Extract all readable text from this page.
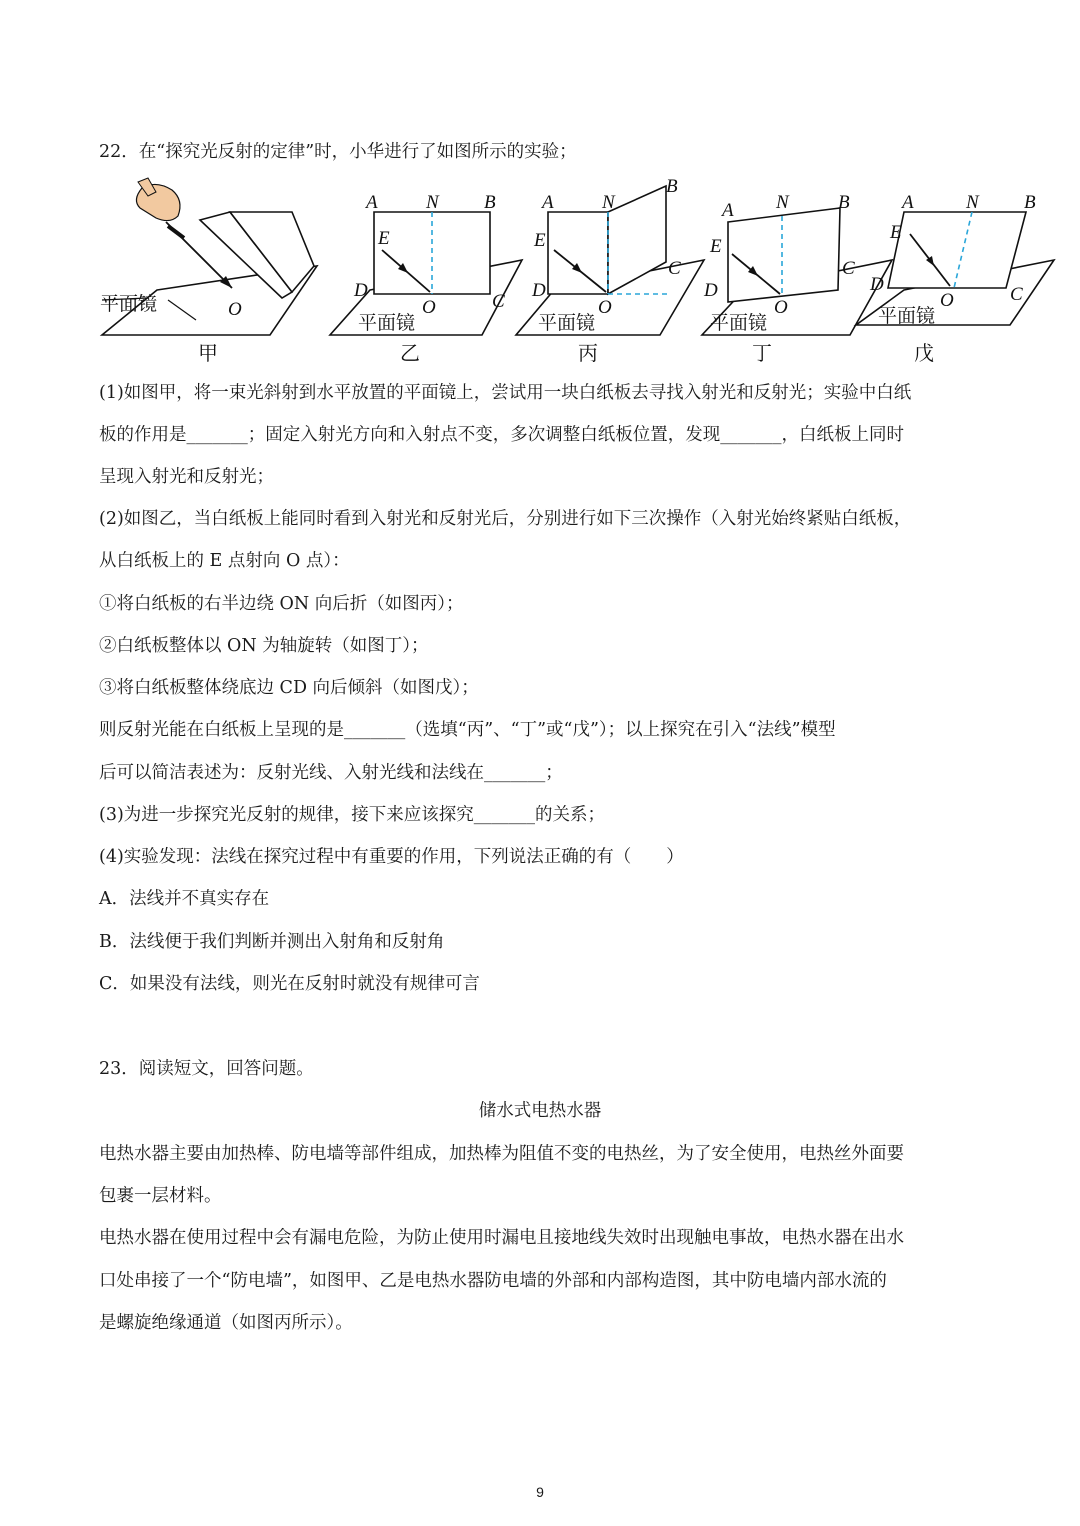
22．在“探究光反射的定律”时，小华进行了如图所示的实验；
平面镜	O
甲
A	N B
E
D
O	C
平面镜
乙
A	N
B
E
D
O
C
平面镜
丙
A N	B
E
D
O
C
平面镜
丁
A	N B
E
D
O	C
平面镜
戊
(1)如图甲，将一束光斜射到水平放置的平面镜上，尝试用一块白纸板去寻找入射光和反射光；实验中白纸
板的作用是_______；固定入射光方向和入射点不变，多次调整白纸板位置，发现_______，白纸板上同时
呈现入射光和反射光；
(2)如图乙，当白纸板上能同时看到入射光和反射光后，分别进行如下三次操作（入射光始终紧贴白纸板，
从白纸板上的 E 点射向 O 点）：
①将白纸板的右半边绕 ON 向后折（如图丙）；
②白纸板整体以 ON 为轴旋转（如图丁）；
③将白纸板整体绕底边 CD 向后倾斜（如图戊）；
则反射光能在白纸板上呈现的是_______（选填“丙”、“丁”或“戊”）；以上探究在引入“法线”模型
后可以简洁表述为：反射光线、入射光线和法线在_______；
(3)为进一步探究光反射的规律，接下来应该探究_______的关系；
(4)实验发现：法线在探究过程中有重要的作用，下列说法正确的有（　　）
A．法线并不真实存在
B．法线便于我们判断并测出入射角和反射角
C．如果没有法线，则光在反射时就没有规律可言
23．阅读短文，回答问题。
储水式电热水器
电热水器主要由加热棒、防电墙等部件组成，加热棒为阻值不变的电热丝，为了安全使用，电热丝外面要
包裹一层材料。
电热水器在使用过程中会有漏电危险，为防止使用时漏电且接地线失效时出现触电事故，电热水器在出水
口处串接了一个“防电墙”，如图甲、乙是电热水器防电墙的外部和内部构造图，其中防电墙内部水流的
是螺旋绝缘通道（如图丙所示）。
9
